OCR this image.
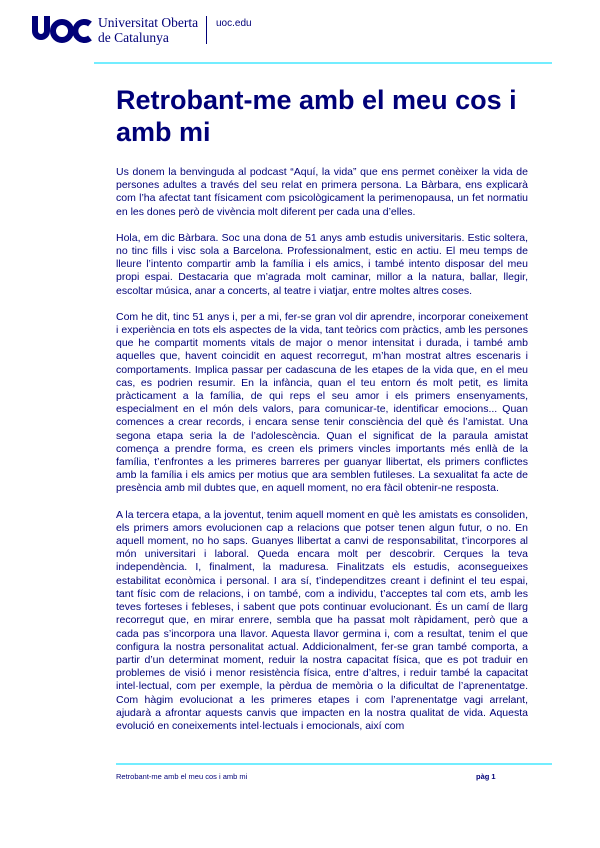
Universitat Oberta
de Catalunya
uoc.edu
Retrobant-me amb el meu cos i amb mi

Us donem la benvinguda al podcast “Aquí, la vida” que ens permet conèixer la vida de persones adultes a través del seu relat en primera persona. La Bàrbara, ens explicarà com l’ha afectat tant físicament com psicològicament la perimenopausa, un fet normatiu en les dones però de vivència molt diferent per cada una d’elles.

Hola, em dic Bàrbara. Soc una dona de 51 anys amb estudis universitaris. Estic soltera, no tinc fills i visc sola a Barcelona. Professionalment, estic en actiu. El meu temps de lleure l’intento compartir amb la família i els amics, i també intento disposar del meu propi espai. Destacaria que m’agrada molt caminar, millor a la natura, ballar, llegir, escoltar música, anar a concerts, al teatre i viatjar, entre moltes altres coses.

Com he dit, tinc 51 anys i, per a mi, fer-se gran vol dir aprendre, incorporar coneixement i experiència en tots els aspectes de la vida, tant teòrics com pràctics, amb les persones que he compartit moments vitals de major o menor intensitat i durada, i també amb aquelles que, havent coincidit en aquest recorregut, m’han mostrat altres escenaris i comportaments. Implica passar per cadascuna de les etapes de la vida que, en el meu cas, es podrien resumir. En la infància, quan el teu entorn és molt petit, es limita pràcticament a la família, de qui reps el seu amor i els primers ensenyaments, especialment en el món dels valors, para comunicar-te, identificar emocions... Quan comences a crear records, i encara sense tenir consciència del què és l’amistat. Una segona etapa seria la de l’adolescència. Quan el significat de la paraula amistat comença a prendre forma, es creen els primers vincles importants més enllà de la família, t’enfrontes a les primeres barreres per guanyar llibertat, els primers conflictes amb la família i els amics per motius que ara semblen futileses. La sexualitat fa acte de presència amb mil dubtes que, en aquell moment, no era fàcil obtenir-ne resposta.

A la tercera etapa, a la joventut, tenim aquell moment en què les amistats es consoliden, els primers amors evolucionen cap a relacions que potser tenen algun futur, o no. En aquell moment, no ho saps. Guanyes llibertat a canvi de responsabilitat, t’incorpores al món universitari i laboral. Queda encara molt per descobrir. Cerques la teva independència. I, finalment, la maduresa. Finalitzats els estudis, aconsegueixes estabilitat econòmica i personal. I ara sí, t’independitzes creant i definint el teu espai, tant físic com de relacions, i on també, com a individu, t’acceptes tal com ets, amb les teves forteses i febleses, i sabent que pots continuar evolucionant. És un camí de llarg recorregut que, en mirar enrere, sembla que ha passat molt ràpidament, però que a cada pas s’incorpora una llavor. Aquesta llavor germina i, com a resultat, tenim el que configura la nostra personalitat actual. Addicionalment, fer-se gran també comporta, a partir d’un determinat moment, reduir la nostra capacitat física, que es pot traduir en problemes de visió i menor resistència física, entre d’altres, i reduir també la capacitat intel·lectual, com per exemple, la pèrdua de memòria o la dificultat de l’aprenentatge. Com hàgim evolucionat a les primeres etapes i com l’aprenentatge vagi arrelant, ajudarà a afrontar aquests canvis que impacten en la nostra qualitat de vida. Aquesta evolució en coneixements intel·lectuals i emocionals, així com

Retrobant-me amb el meu cos i amb mi	pàg 1
